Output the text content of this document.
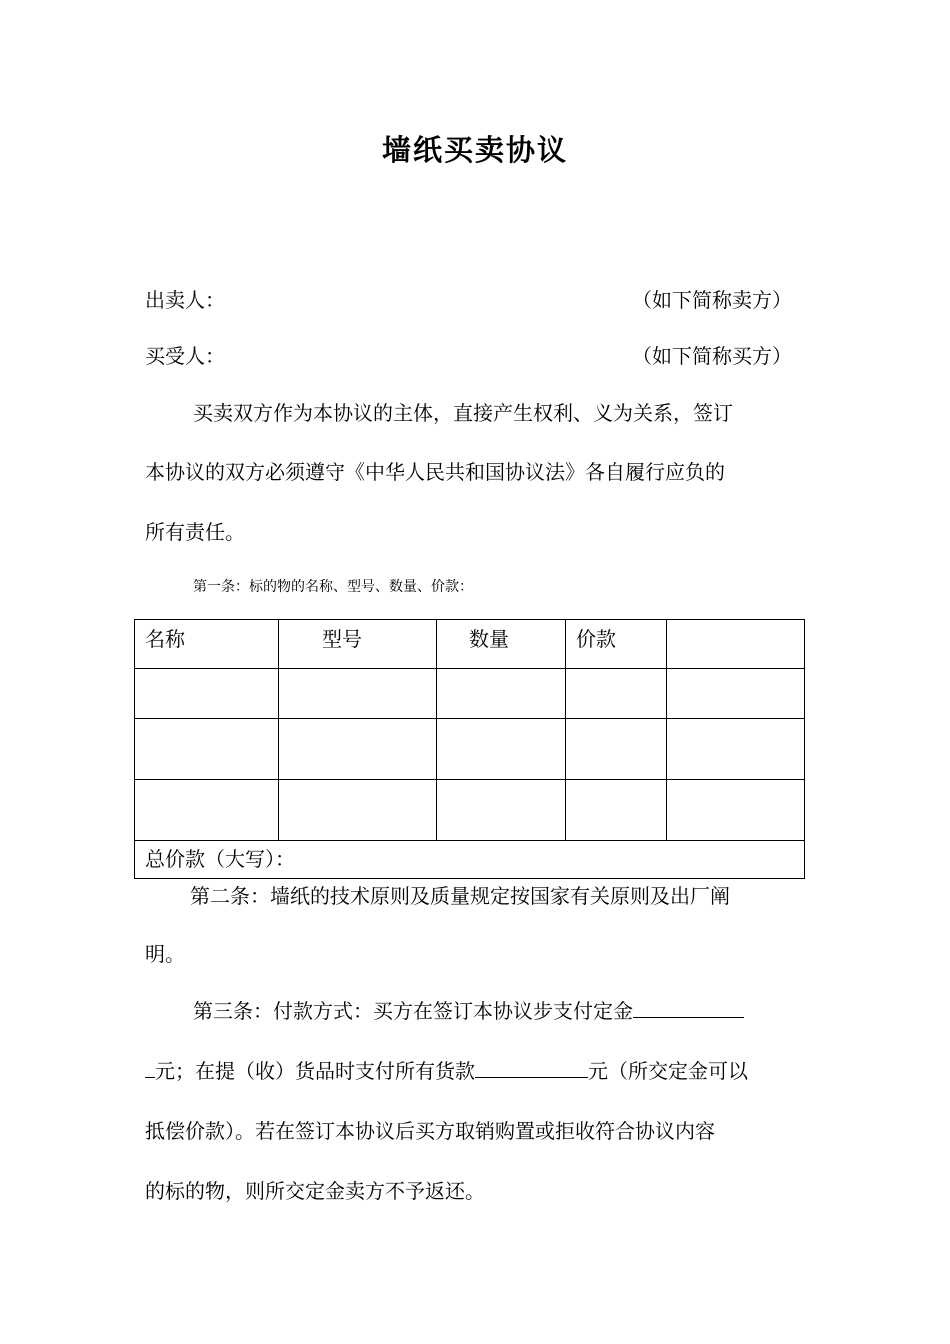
墙纸买卖协议
出卖人：	（如下简称卖方）
买受人：	（如下简称买方）
买卖双方作为本协议的主体，直接产生权利、义为关系，签订
本协议的双方必须遵守《中华人民共和国协议法》各自履行应负的
所有责任。
第一条：标的物的名称、型号、数量、价款：
名称	型号	数量	价款	

总价款（大写）：				
第二条：墙纸的技术原则及质量规定按国家有关原则及出厂阐
明。
第三条：付款方式：买方在签订本协议步支付定金
元；在提（收）货品时支付所有货款	元（所交定金可以
抵偿价款）。若在签订本协议后买方取销购置或拒收符合协议内容
的标的物，则所交定金卖方不予返还。
